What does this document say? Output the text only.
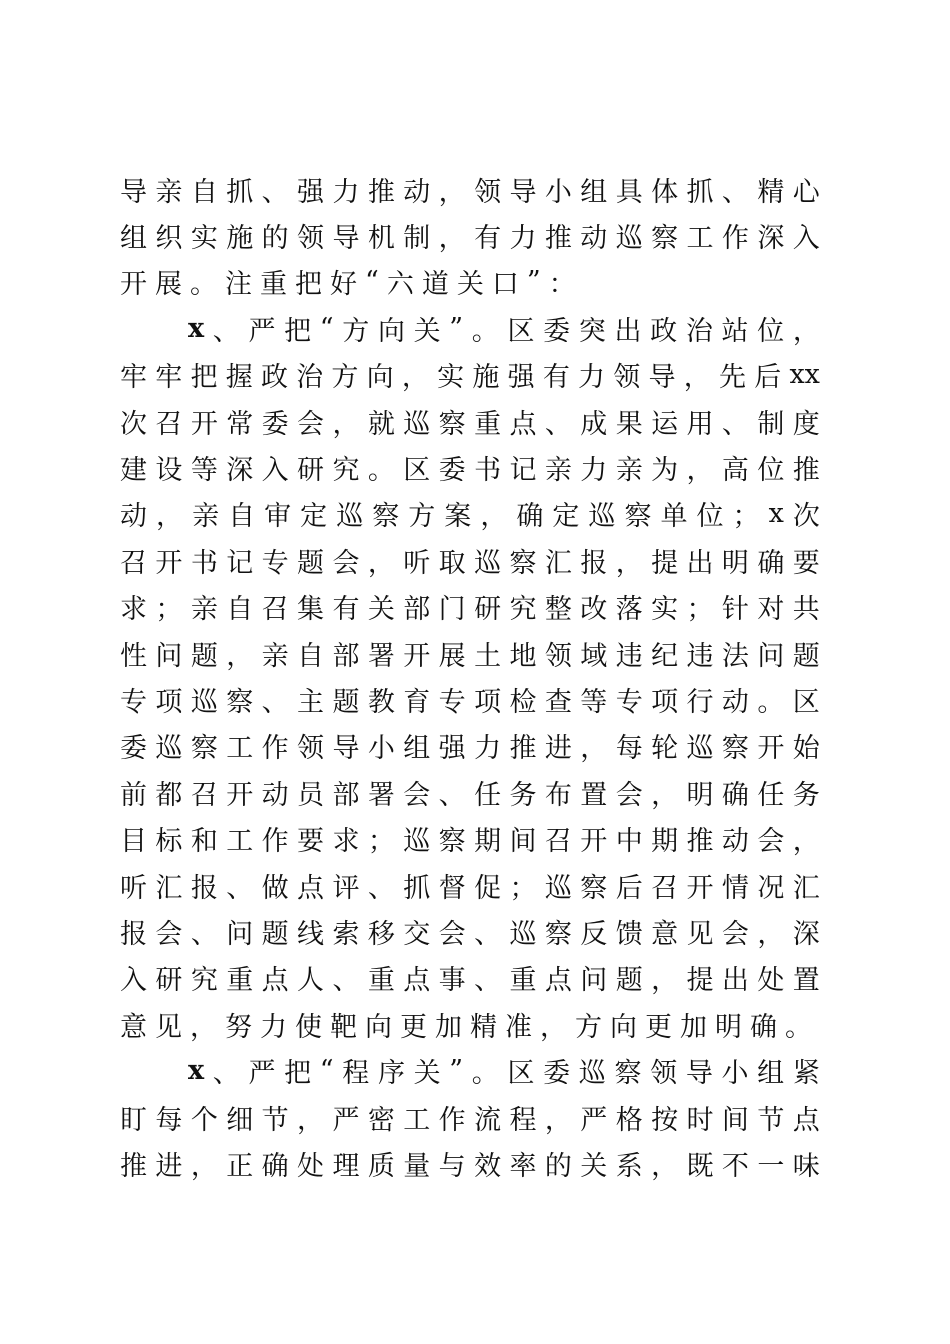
导 亲 自 抓 、 强 力 推 动 ， 领 导 小 组 具 体 抓 、 精 心
组 织 实 施 的 领 导 机 制 ， 有 力 推 动 巡 察 工 作 深 入
开 展 。 注 重 把 好 “ 六 道 关 口 ” ：
x 、 严 把 “ 方 向 关 ” 。 区 委 突 出 政 治 站 位 ，
牢 牢 把 握 政 治 方 向 ， 实 施 强 有 力 领 导 ， 先 后 xx
次 召 开 常 委 会 ， 就 巡 察 重 点 、 成 果 运 用 、 制 度
建 设 等 深 入 研 究 。 区 委 书 记 亲 力 亲 为 ， 高 位 推
动 ， 亲 自 审 定 巡 察 方 案 ， 确 定 巡 察 单 位 ； x 次
召 开 书 记 专 题 会 ， 听 取 巡 察 汇 报 ， 提 出 明 确 要
求 ； 亲 自 召 集 有 关 部 门 研 究 整 改 落 实 ； 针 对 共
性 问 题 ， 亲 自 部 署 开 展 土 地 领 域 违 纪 违 法 问 题
专 项 巡 察 、 主 题 教 育 专 项 检 查 等 专 项 行 动 。 区
委 巡 察 工 作 领 导 小 组 强 力 推 进 ， 每 轮 巡 察 开 始
前 都 召 开 动 员 部 署 会 、 任 务 布 置 会 ， 明 确 任 务
目 标 和 工 作 要 求 ； 巡 察 期 间 召 开 中 期 推 动 会 ，
听 汇 报 、 做 点 评 、 抓 督 促 ； 巡 察 后 召 开 情 况 汇
报 会 、 问 题 线 索 移 交 会 、 巡 察 反 馈 意 见 会 ， 深
入 研 究 重 点 人 、 重 点 事 、 重 点 问 题 ， 提 出 处 置
意 见 ， 努 力 使 靶 向 更 加 精 准 ， 方 向 更 加 明 确 。
x 、 严 把 “ 程 序 关 ” 。 区 委 巡 察 领 导 小 组 紧
盯 每 个 细 节 ， 严 密 工 作 流 程 ， 严 格 按 时 间 节 点
推 进 ， 正 确 处 理 质 量 与 效 率 的 关 系 ， 既 不 一 味
